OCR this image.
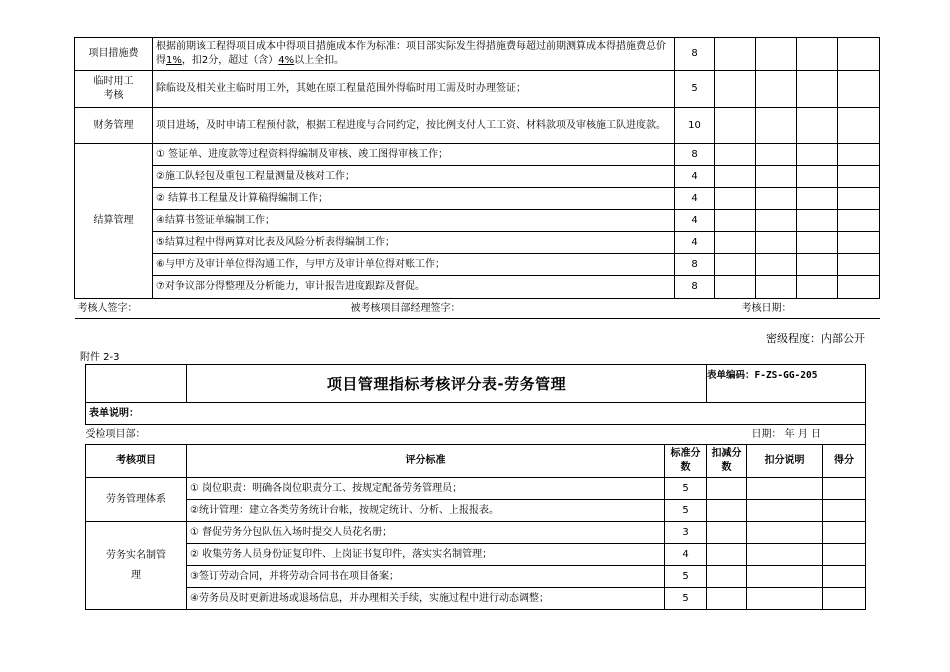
项目措施费	根据前期该工程得项目成本中得项目措施成本作为标准：项目部实际发生得措施费每超过前期测算成本得措施费总价得1%，扣2分，超过（含）4%以上全扣。	8				

临时用工考核	除临设及相关业主临时用工外，其她在原工程量范围外得临时用工需及时办理签证；	5				
财务管理	项目进场，及时申请工程预付款，根据工程进度与合同约定，按比例支付人工工资、材料款项及审核施工队进度款。	10				
结算管理	① 签证单、进度款等过程资料得编制及审核、竣工图得审核工作；	8				
	②施工队轻包及重包工程量测量及核对工作；	4				
	② 结算书工程量及计算稿得编制工作；	4				
	④结算书签证单编制工作；	4				
	⑤结算过程中得两算对比表及风险分析表得编制工作；	4				
	⑥与甲方及审计单位得沟通工作，与甲方及审计单位得对账工作；	8				
	⑦对争议部分得整理及分析能力，审计报告进度跟踪及督促。	8				
考核人签字： 被考核项目部经理签字： 考核日期：						
密级程度：内部公开
附件 2-3
	项目管理指标考核评分表-劳务管理		表单编码：F-ZS-GG-205		
表单说明：					
受检项目部： 日期： 年 月 日					

考核项目	评分标准	标准分数	扣减分数	扣分说明	得分

劳务管理体系	① 岗位职责：明确各岗位职责分工、按规定配备劳务管理员；	5			
	②统计管理：建立各类劳务统计台帐，按规定统计、分析、上报报表。	5			

劳务实名制管理	① 督促劳务分包队伍入场时提交人员花名册；	3			
	② 收集劳务人员身份证复印件、上岗证书复印件，落实实名制管理；	4			
	③签订劳动合同，并将劳动合同书在项目备案；	5			
	④劳务员及时更新进场或退场信息，并办理相关手续，实施过程中进行动态调整；	5			
